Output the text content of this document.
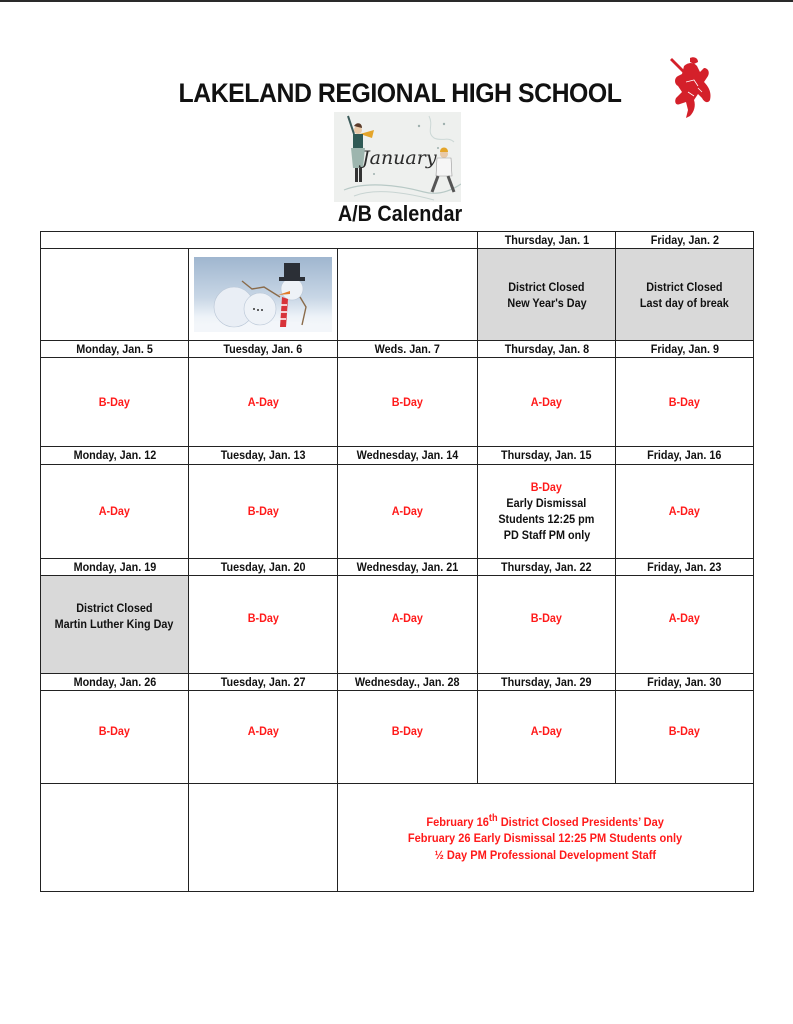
LAKELAND REGIONAL HIGH SCHOOL
January
A/B Calendar
			Thursday, Jan. 1	Friday, Jan. 2

		District Closed
New Year's Day	District Closed
Last day of break
Monday, Jan. 5	Tuesday, Jan. 6	Weds. Jan. 7	Thursday, Jan. 8	Friday, Jan. 9
B-Day	A-Day	B-Day	A-Day	B-Day
Monday, Jan. 12	Tuesday, Jan. 13	Wednesday, Jan. 14	Thursday, Jan. 15	Friday, Jan. 16
A-Day	B-Day	A-Day	B-Day
Early Dismissal
Students 12:25 pm
PD Staff PM only	A-Day
Monday, Jan. 19	Tuesday, Jan. 20	Wednesday, Jan. 21	Thursday, Jan. 22	Friday, Jan. 23
District Closed
Martin Luther King Day	B-Day	A-Day	B-Day	A-Day
Monday, Jan. 26	Tuesday, Jan. 27	Wednesday., Jan. 28	Thursday, Jan. 29	Friday, Jan. 30
B-Day	A-Day	B-Day	A-Day	B-Day
		February 16th District Closed Presidents’ Day
February 26 Early Dismissal 12:25 PM Students only
½ Day PM Professional Development Staff		
